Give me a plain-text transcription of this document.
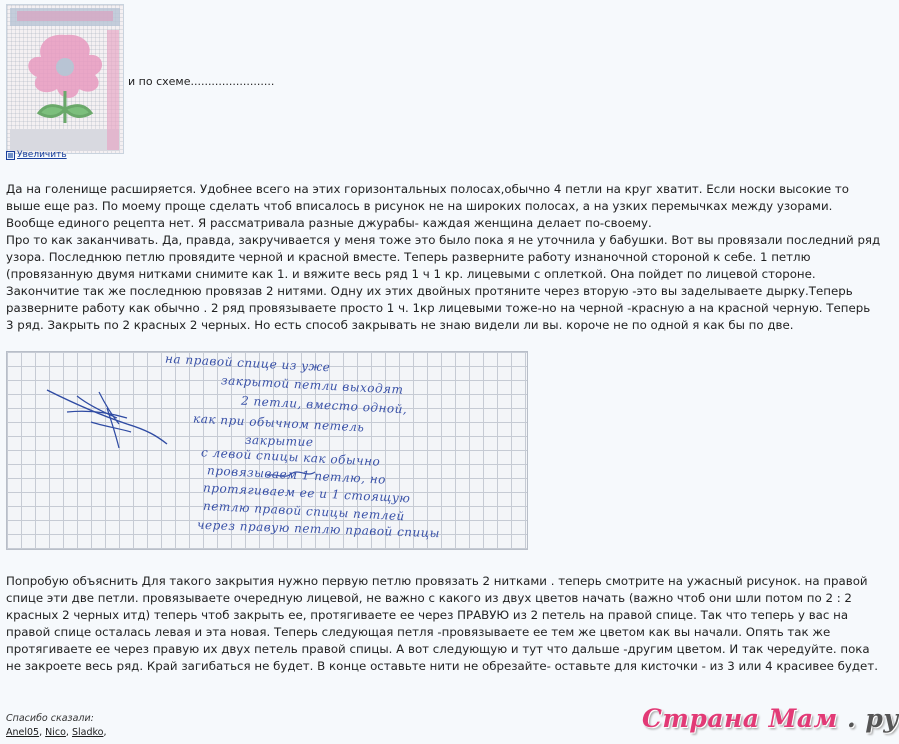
Увеличить
и по схеме........................

Да на голенище расширяется. Удобнее всего на этих горизонтальных полосах,обычно 4 петли на круг хватит. Если носки высокие то
выше еще раз. По моему проще сделать чтоб вписалось в рисунок не на широких полосах, а на узких перемычках между узорами.
Вообще единого рецепта нет. Я рассматривала разные джурабы- каждая женщина делает по-своему.
Про то как заканчивать. Да, правда, закручивается у меня тоже это было пока я не уточнила у бабушки. Вот вы провязали последний ряд
узора. Последнюю петлю провядите черной и красной вместе. Теперь разверните работу изнаночной стороной к себе. 1 петлю
(провязанную двумя нитками снимите как 1. и вяжите весь ряд 1 ч 1 кр. лицевыми с оплеткой. Она пойдет по лицевой стороне.
Закончитие так же последнюю провязав 2 нитями. Одну их этих двойных протяните через вторую -это вы заделываете дырку.Теперь
разверните работу как обычно . 2 ряд провязываете просто 1 ч. 1кр лицевыми тоже-но на черной -красную а на красной черную. Теперь
3 ряд. Закрыть по 2 красных 2 черных. Но есть способ закрывать не знаю видели ли вы. короче не по одной я как бы по две.

на правой спице из уже
закрытой петли выходят
2 петли, вместо одной,
как при обычном петель
закрытие
с левой спицы как обычно
провязываем 1 петлю, но
протягиваем ее и 1 стоящую
петлю правой спицы петлей
через правую петлю правой спицы

Попробую объяснить Для такого закрытия нужно первую петлю провязать 2 нитками . теперь смотрите на ужасный рисунок. на правой
спице эти две петли. провязываете очередную лицевой, не важно с какого из двух цветов начать (важно чтоб они шли потом по 2 : 2
красных 2 черных итд) теперь чтоб закрыть ее, протягиваете ее через ПРАВУЮ из 2 петель на правой спице. Так что теперь у вас на
правой спице осталась левая и эта новая. Теперь следующая петля -провязываете ее тем же цветом как вы начали. Опять так же
протягиваете ее через правую их двух петель правой спицы. А вот следующую и тут что дальше -другим цветом. И так чередуйте. пока
не закроете весь ряд. Край загибаться не будет. В конце оставьте нити не обрезайте- оставьте для кисточки - из 3 или 4 красивее будет.

Спасибо сказали:
Anel05, Nico, Sladko,	Страна Мам . ру
